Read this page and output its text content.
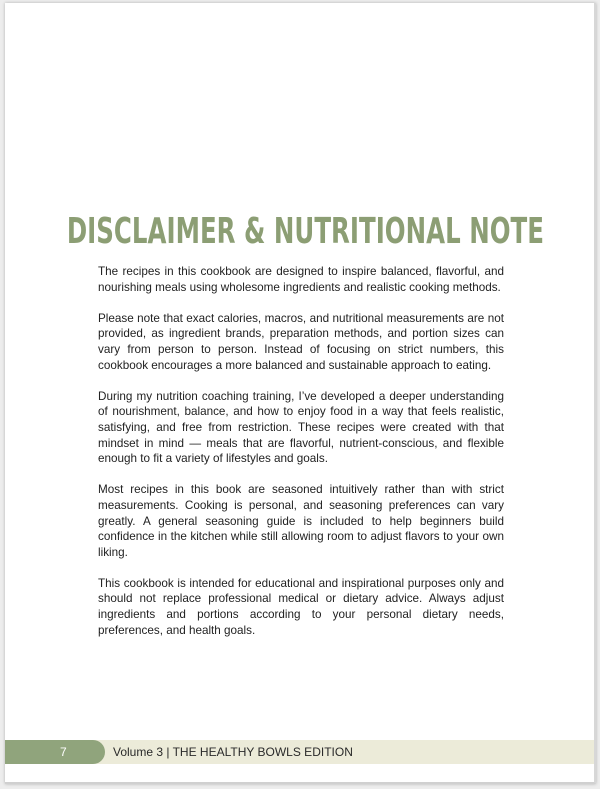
DISCLAIMER & NUTRITIONAL NOTE

The recipes in this cookbook are designed to inspire balanced, flavorful, and nourishing meals using wholesome ingredients and realistic cooking methods.

Please note that exact calories, macros, and nutritional measurements are not provided, as ingredient brands, preparation methods, and portion sizes can vary from person to person. Instead of focusing on strict numbers, this cookbook encourages a more balanced and sustainable approach to eating.

During my nutrition coaching training, I’ve developed a deeper understanding of nourishment, balance, and how to enjoy food in a way that feels realistic, satisfying, and free from restriction. These recipes were created with that mindset in mind — meals that are flavorful, nutrient-conscious, and flexible enough to fit a variety of lifestyles and goals.

Most recipes in this book are seasoned intuitively rather than with strict measurements. Cooking is personal, and seasoning preferences can vary greatly. A general seasoning guide is included to help beginners build confidence in the kitchen while still allowing room to adjust flavors to your own liking.

This cookbook is intended for educational and inspirational purposes only and should not replace professional medical or dietary advice. Always adjust ingredients and portions according to your personal dietary needs, preferences, and health goals.

7	Volume 3 | THE HEALTHY BOWLS EDITION
